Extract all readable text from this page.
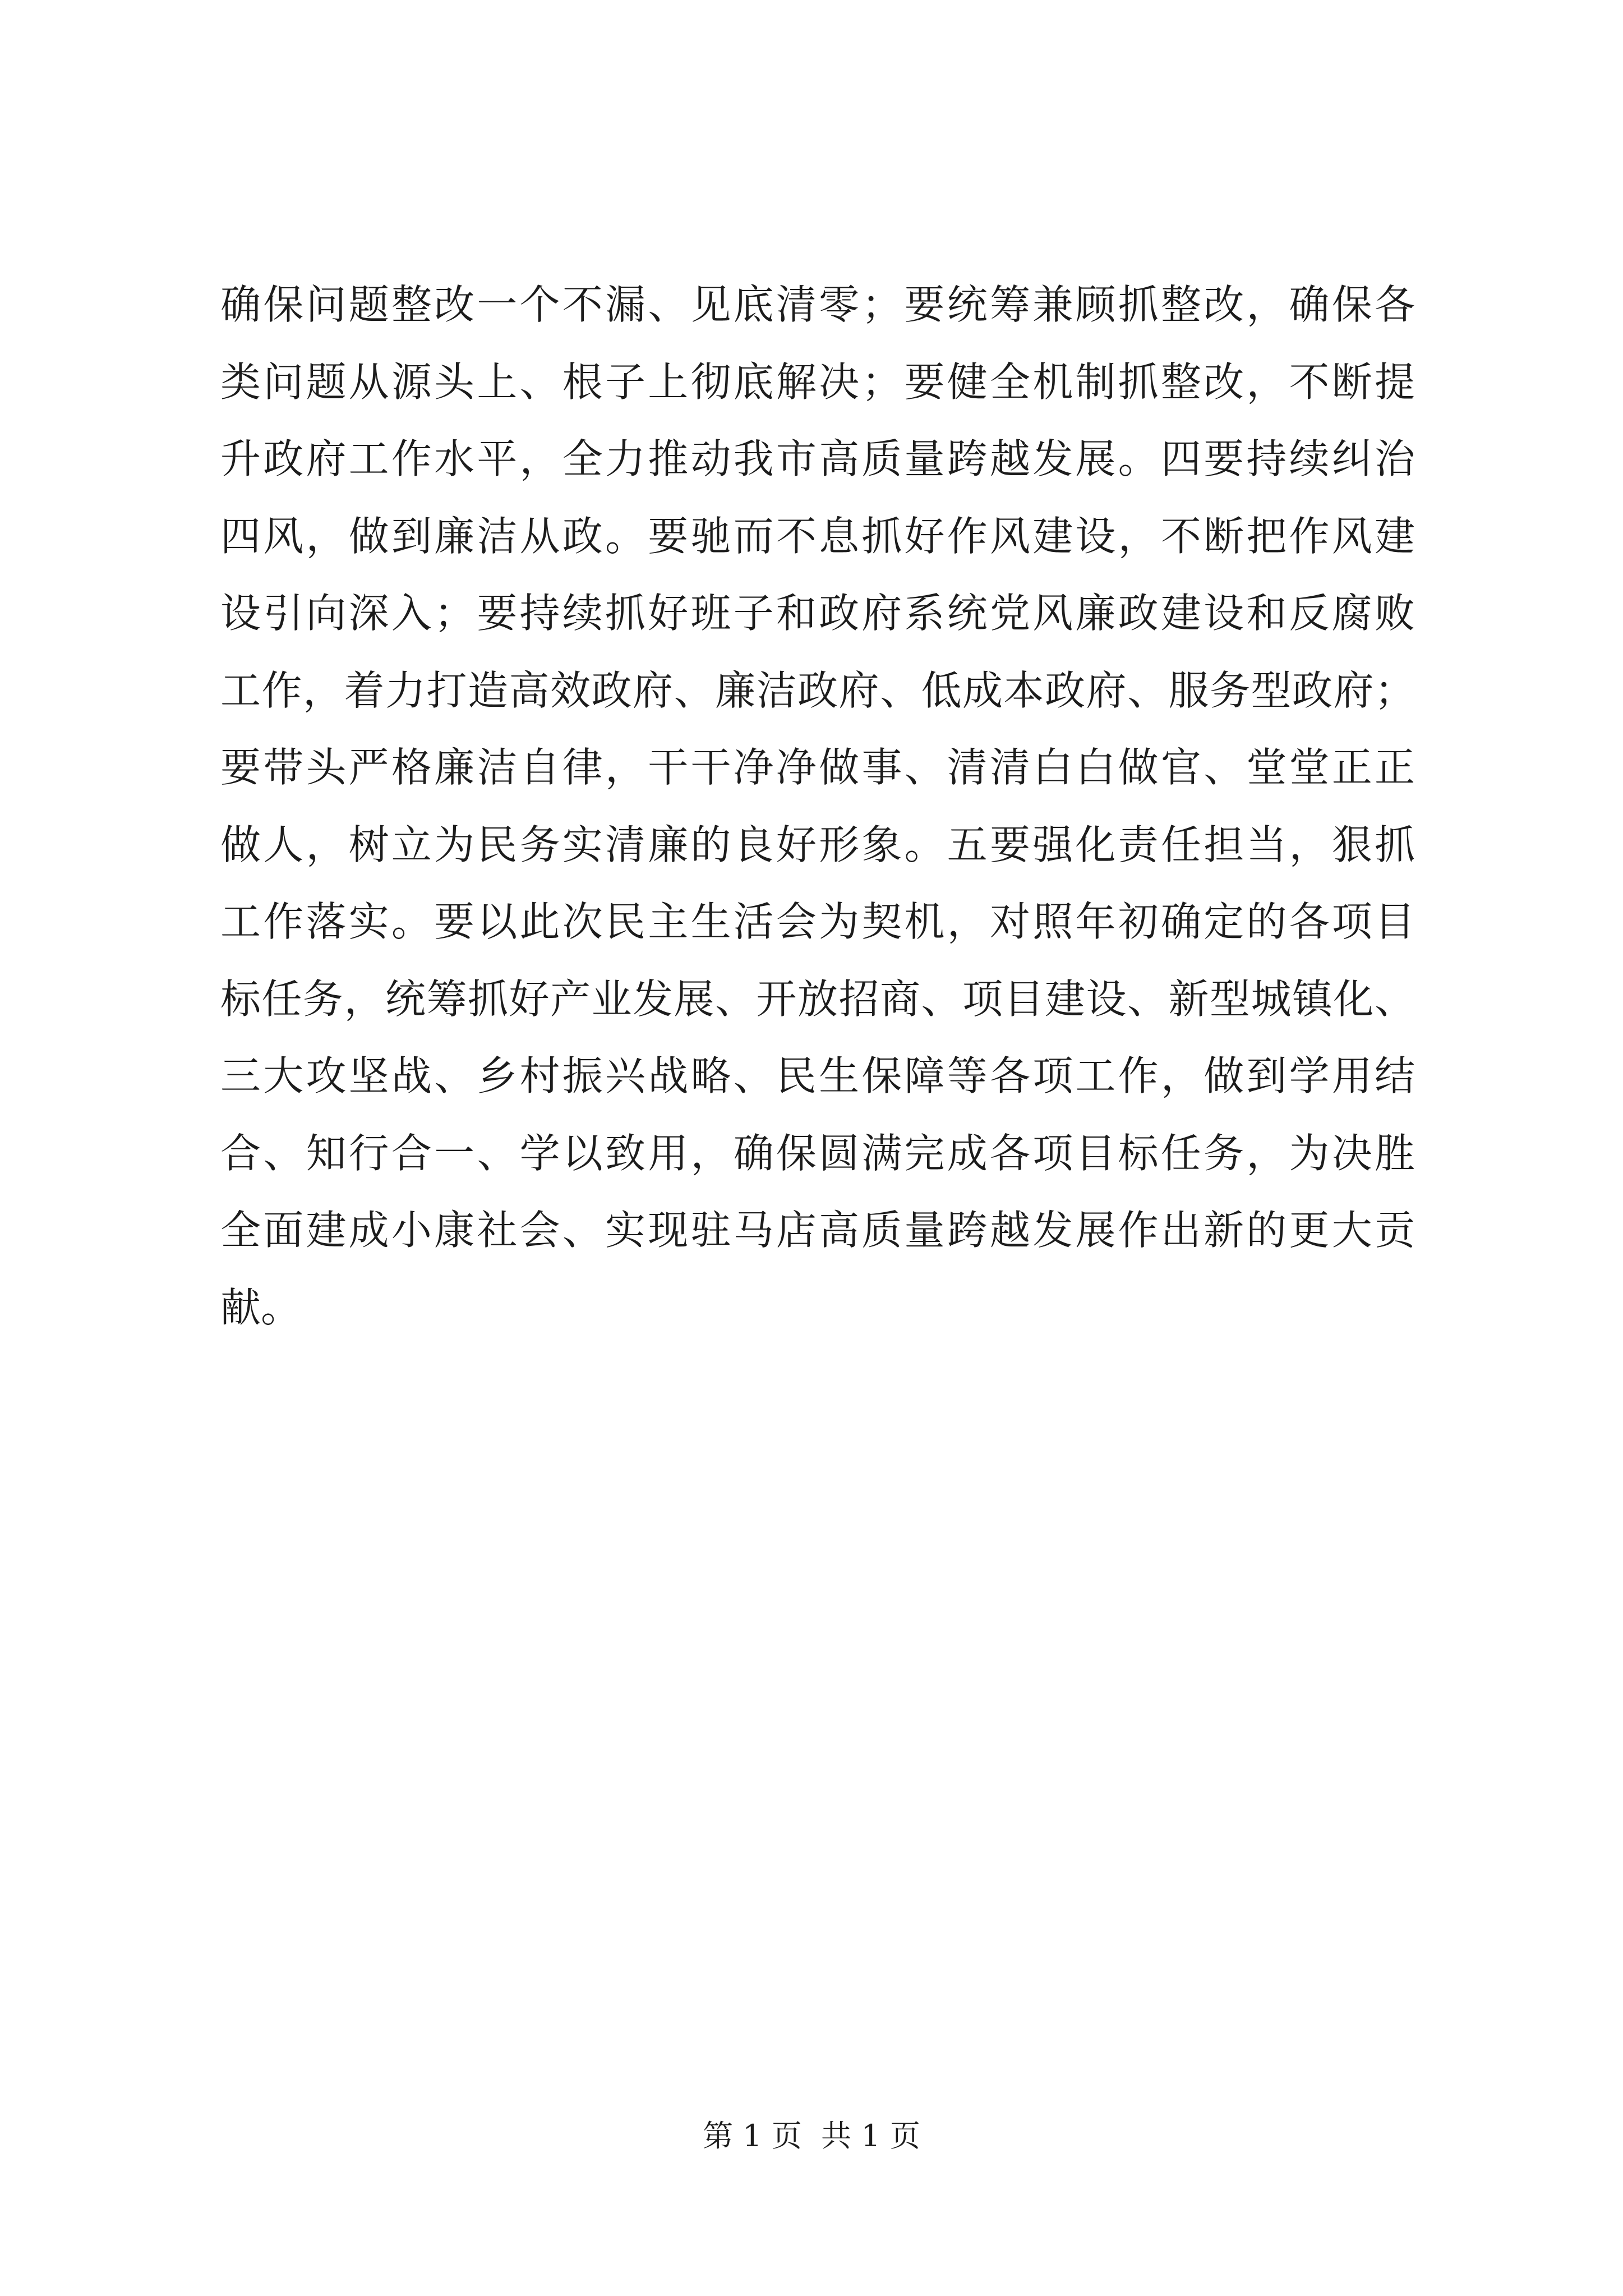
确保问题整改一个不漏、见底清零；要统筹兼顾抓整改，确保各
类问题从源头上、根子上彻底解决；要健全机制抓整改，不断提
升政府工作水平，全力推动我市高质量跨越发展。四要持续纠治
四风，做到廉洁从政。要驰而不息抓好作风建设，不断把作风建
设引向深入；要持续抓好班子和政府系统党风廉政建设和反腐败
工作，着力打造高效政府、廉洁政府、低成本政府、服务型政府；
要带头严格廉洁自律，干干净净做事、清清白白做官、堂堂正正
做人，树立为民务实清廉的良好形象。五要强化责任担当，狠抓
工作落实。要以此次民主生活会为契机，对照年初确定的各项目
标任务，统筹抓好产业发展、开放招商、项目建设、新型城镇化、
三大攻坚战、乡村振兴战略、民生保障等各项工作，做到学用结
合、知行合一、学以致用，确保圆满完成各项目标任务，为决胜
全面建成小康社会、实现驻马店高质量跨越发展作出新的更大贡
献。
第 1 页  共 1 页
